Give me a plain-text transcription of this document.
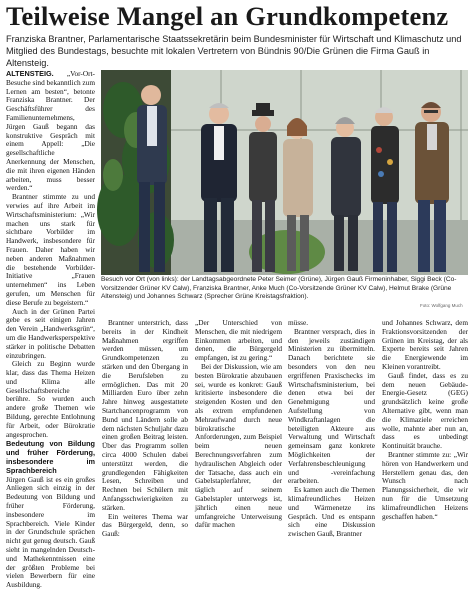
Teilweise Mangel an Grundkompetenz
Franziska Brantner, Parlamentarische Staatssekretärin beim Bundesminister für Wirtschaft und Klimaschutz und Mitglied des Bundestags, besuchte mit lokalen Vertretern von Bündnis 90/Die Grünen die Firma Gauß in Altensteig.

ALTENSTEIG. „Vor-Ort-Besuche sind bekanntlich zum Lernen am besten“, betonte Franziska Brantner. Der Geschäftsführer des Familienunternehmens, Jürgen Gauß begann das konstruktive Gespräch mit einem Appell: „Die gesellschaftliche Anerkennung der Menschen, die mit ihren eigenen Händen arbeiten, muss besser werden.“

Brantner stimmte zu und verwies auf ihre Arbeit im Wirtschaftsministerium: „Wir machen uns stark für sichtbare Vorbilder im Handwerk, insbesondere für Frauen. Daher haben wir neben anderen Maßnahmen die bestehende Vorbilder-Initiative „Frauen unternehmen“ ins Leben gerufen, um Menschen für diese Berufe zu begeistern.“

Auch in der Grünen Partei gebe es seit einigen Jahren den Verein „Handwerksgrün“, um die Handwerksperspektive stärker in politische Debatten einzubringen.

Gleich zu Beginn wurde klar, dass das Thema Heizen und Klima alle Gesellschaftsbereiche berühre. So wurden auch andere große Themen wie Bildung, gerechte Entlohnung für Arbeit, oder Bürokratie angesprochen.

Bedeutung von Bildung und früher Förderung, insbesondere im Sprachbereich

Jürgen Gauß ist es ein großes Anliegen sich einzig in der Bedeutung von Bildung und früher Förderung, insbesondere im Sprachbereich. Viele Kinder in der Grundschule sprächen nicht gut genug deutsch. Gauß sieht in mangelnden Deutsch- und Mathekenntnissen eine der größten Probleme bei vielen Bewerbern für eine Ausbildung.

Besuch vor Ort (von links): der Landtagsabgeordnete Peter Seimer (Grüne), Jürgen Gauß Firmeninhaber, Siggi Beck (Co-Vorsitzender Grüner KV Calw), Franziska Brantner, Anke Much (Co-Vorsitzende Grüner KV Calw), Helmut Brake (Grüne Altensteig) und Johannes Schwarz (Sprecher Grüne Kreistagsfraktion).
Foto: Wolfgang Much

Brantner unterstrich, dass bereits in der Kindheit Maßnahmen ergriffen werden müssen, um Grundkompetenzen zu stärken und den Übergang in die Berufsleben zu ermöglichen. Das mit 20 Milliarden Euro über zehn Jahre hinweg ausgestattete Startchancenprogramm von Bund und Ländern solle ab dem nächsten Schuljahr dazu einen großen Beitrag leisten. Über das Programm sollen circa 4000 Schulen dabei unterstützt werden, die grundlegenden Fähigkeiten Lesen, Schreiben und Rechnen bei Schülern mit Anfangsschwierigkeiten zu stärken.

Ein weiteres Thema war das Bürgergeld, denn, so Gauß:

„Der Unterschied von Menschen, die mit niedrigem Einkommen arbeiten, und denen, die Bürgergeld empfangen, ist zu gering.“

Bei der Diskussion, wie am besten Bürokratie abzubauen sei, wurde es konkret: Gauß kritisierte insbesondere die steigenden Kosten und den als extrem empfundenen Mehraufwand durch neue bürokratische Anforderungen, zum Beispiel beim neuen Berechnungsverfahren zum hydraulischen Abgleich oder der Tatsache, dass auch ein Gabelstaplerfahrer, der täglich auf seinem Gabelstapler unterwegs ist, jährlich einen neue umfangreiche Unterweisung dafür machen

müsse.

Brantner versprach, dies in den jeweils zuständigen Ministerien zu übermitteln. Danach berichtete sie besonders von den neu ergriffenen Praxischecks im Wirtschaftsministerium, bei denen etwa bei der Genehmigung und Aufstellung von Windkraftanlagen die beteiligten Akteure aus Verwaltung und Wirtschaft gemeinsam ganz konkrete Möglichkeiten der Verfahrensbeschleunigung und -vereinfachung erarbeiten.

Es kamen auch die Themen klimafreundliches Heizen und Wärmenetze ins Gespräch. Und es entspann sich eine Diskussion zwischen Gauß, Brantner

und Johannes Schwarz, dem Fraktionsvorsitzenden der Grünen im Kreistag, der als Experte bereits seit Jahren die Energiewende im Kleinen vorantreibt.

Gauß findet, dass es zu dem neuen Gebäude-Energie-Gesetz (GEG) grundsätzlich keine große Alternative gibt, wenn man die Klimaziele erreichen wolle, mahnte aber nun an, dass es unbedingt Kontinuität brauche.

Brantner stimmte zu: „Wir hören von Handwerkern und Herstellern genau das, den Wunsch nach Planungssicherheit, die wir nun für die Umsetzung klimafreundlichen Heizens geschaffen haben.“
